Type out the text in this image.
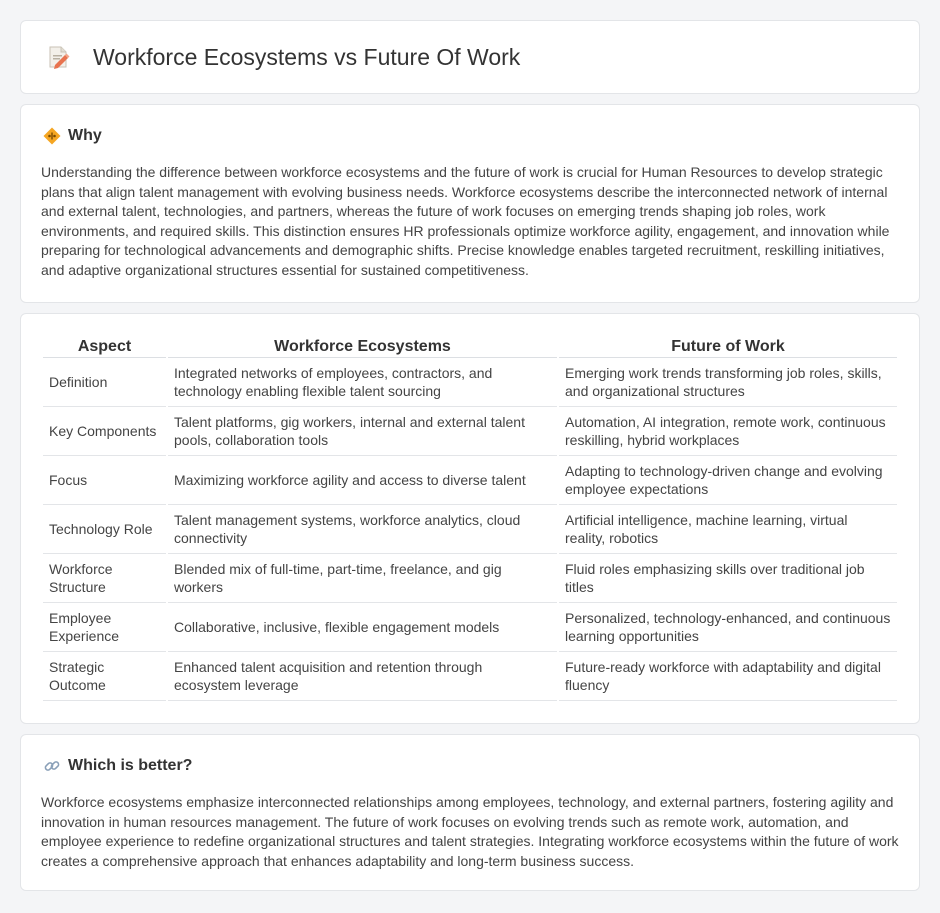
Workforce Ecosystems vs Future Of Work
Why

Understanding the difference between workforce ecosystems and the future of work is crucial for Human Resources to develop strategic plans that align talent management with evolving business needs. Workforce ecosystems describe the interconnected network of internal and external talent, technologies, and partners, whereas the future of work focuses on emerging trends shaping job roles, work environments, and required skills. This distinction ensures HR professionals optimize workforce agility, engagement, and innovation while preparing for technological advancements and demographic shifts. Precise knowledge enables targeted recruitment, reskilling initiatives, and adaptive organizational structures essential for sustained competitiveness.

Aspect	Workforce Ecosystems	Future of Work
Definition	Integrated networks of employees, contractors, and technology enabling flexible talent sourcing	Emerging work trends transforming job roles, skills, and organizational structures
Key Components	Talent platforms, gig workers, internal and external talent pools, collaboration tools	Automation, AI integration, remote work, continuous reskilling, hybrid workplaces
Focus	Maximizing workforce agility and access to diverse talent	Adapting to technology-driven change and evolving employee expectations
Technology Role	Talent management systems, workforce analytics, cloud connectivity	Artificial intelligence, machine learning, virtual reality, robotics
Workforce Structure	Blended mix of full-time, part-time, freelance, and gig workers	Fluid roles emphasizing skills over traditional job titles
Employee Experience	Collaborative, inclusive, flexible engagement models	Personalized, technology-enhanced, and continuous learning opportunities
Strategic Outcome	Enhanced talent acquisition and retention through ecosystem leverage	Future-ready workforce with adaptability and digital fluency
Which is better?

Workforce ecosystems emphasize interconnected relationships among employees, technology, and external partners, fostering agility and innovation in human resources management. The future of work focuses on evolving trends such as remote work, automation, and employee experience to redefine organizational structures and talent strategies. Integrating workforce ecosystems within the future of work creates a comprehensive approach that enhances adaptability and long-term business success.
